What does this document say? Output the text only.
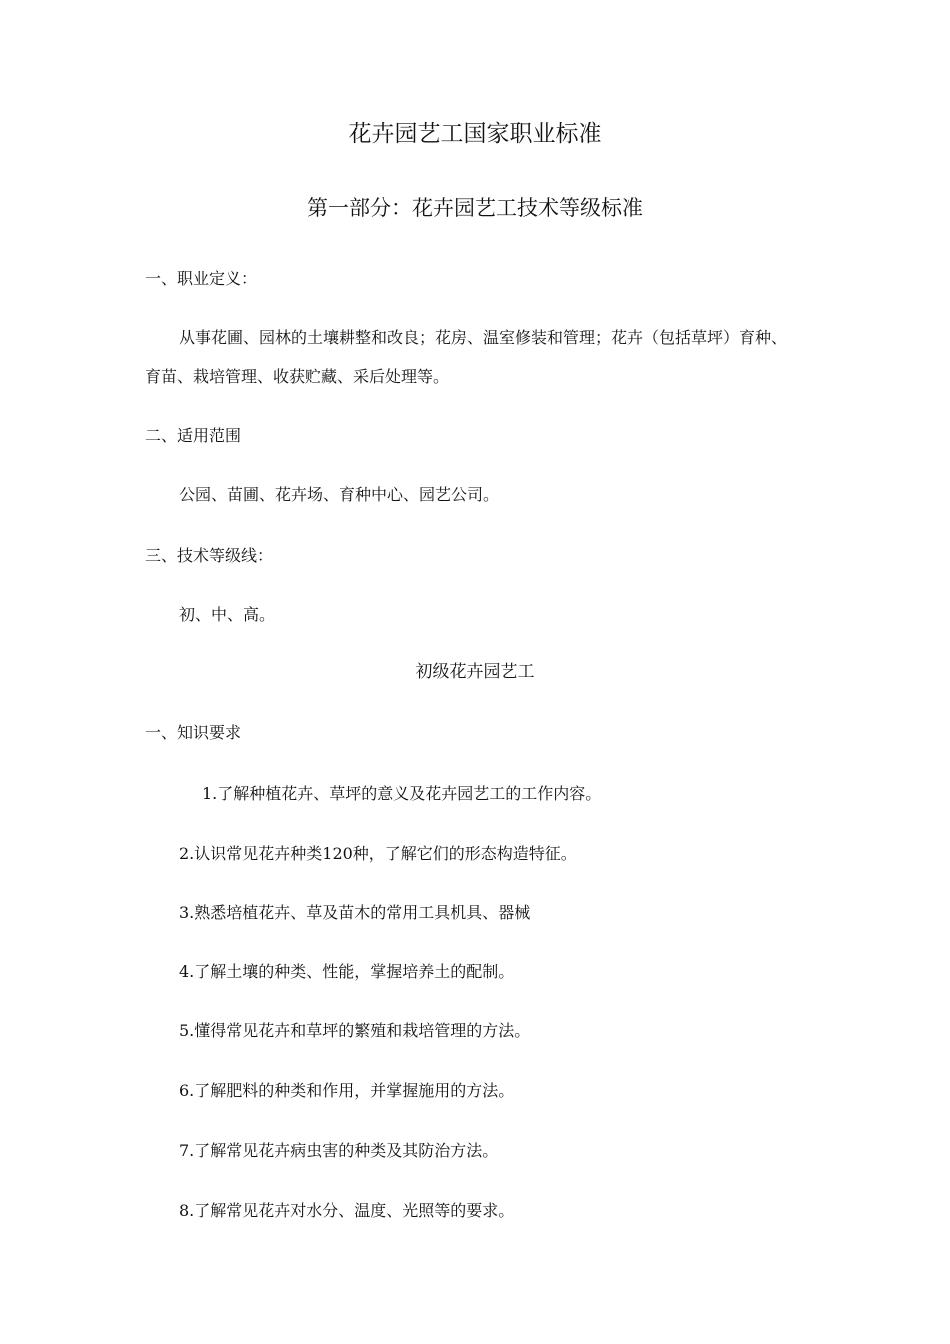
花卉园艺工国家职业标准
第一部分：花卉园艺工技术等级标准
一、职业定义：
从事花圃、园林的土壤耕整和改良；花房、温室修装和管理；花卉（包括草坪）育种、
育苗、栽培管理、收获贮藏、采后处理等。
二、适用范围
公园、苗圃、花卉场、育种中心、园艺公司。
三、技术等级线：
初、中、高。
初级花卉园艺工
一、知识要求
1.了解种植花卉、草坪的意义及花卉园艺工的工作内容。
2.认识常见花卉种类120种，了解它们的形态构造特征。
3.熟悉培植花卉、草及苗木的常用工具机具、器械
4.了解土壤的种类、性能，掌握培养土的配制。
5.懂得常见花卉和草坪的繁殖和栽培管理的方法。
6.了解肥料的种类和作用，并掌握施用的方法。
7.了解常见花卉病虫害的种类及其防治方法。
8.了解常见花卉对水分、温度、光照等的要求。
